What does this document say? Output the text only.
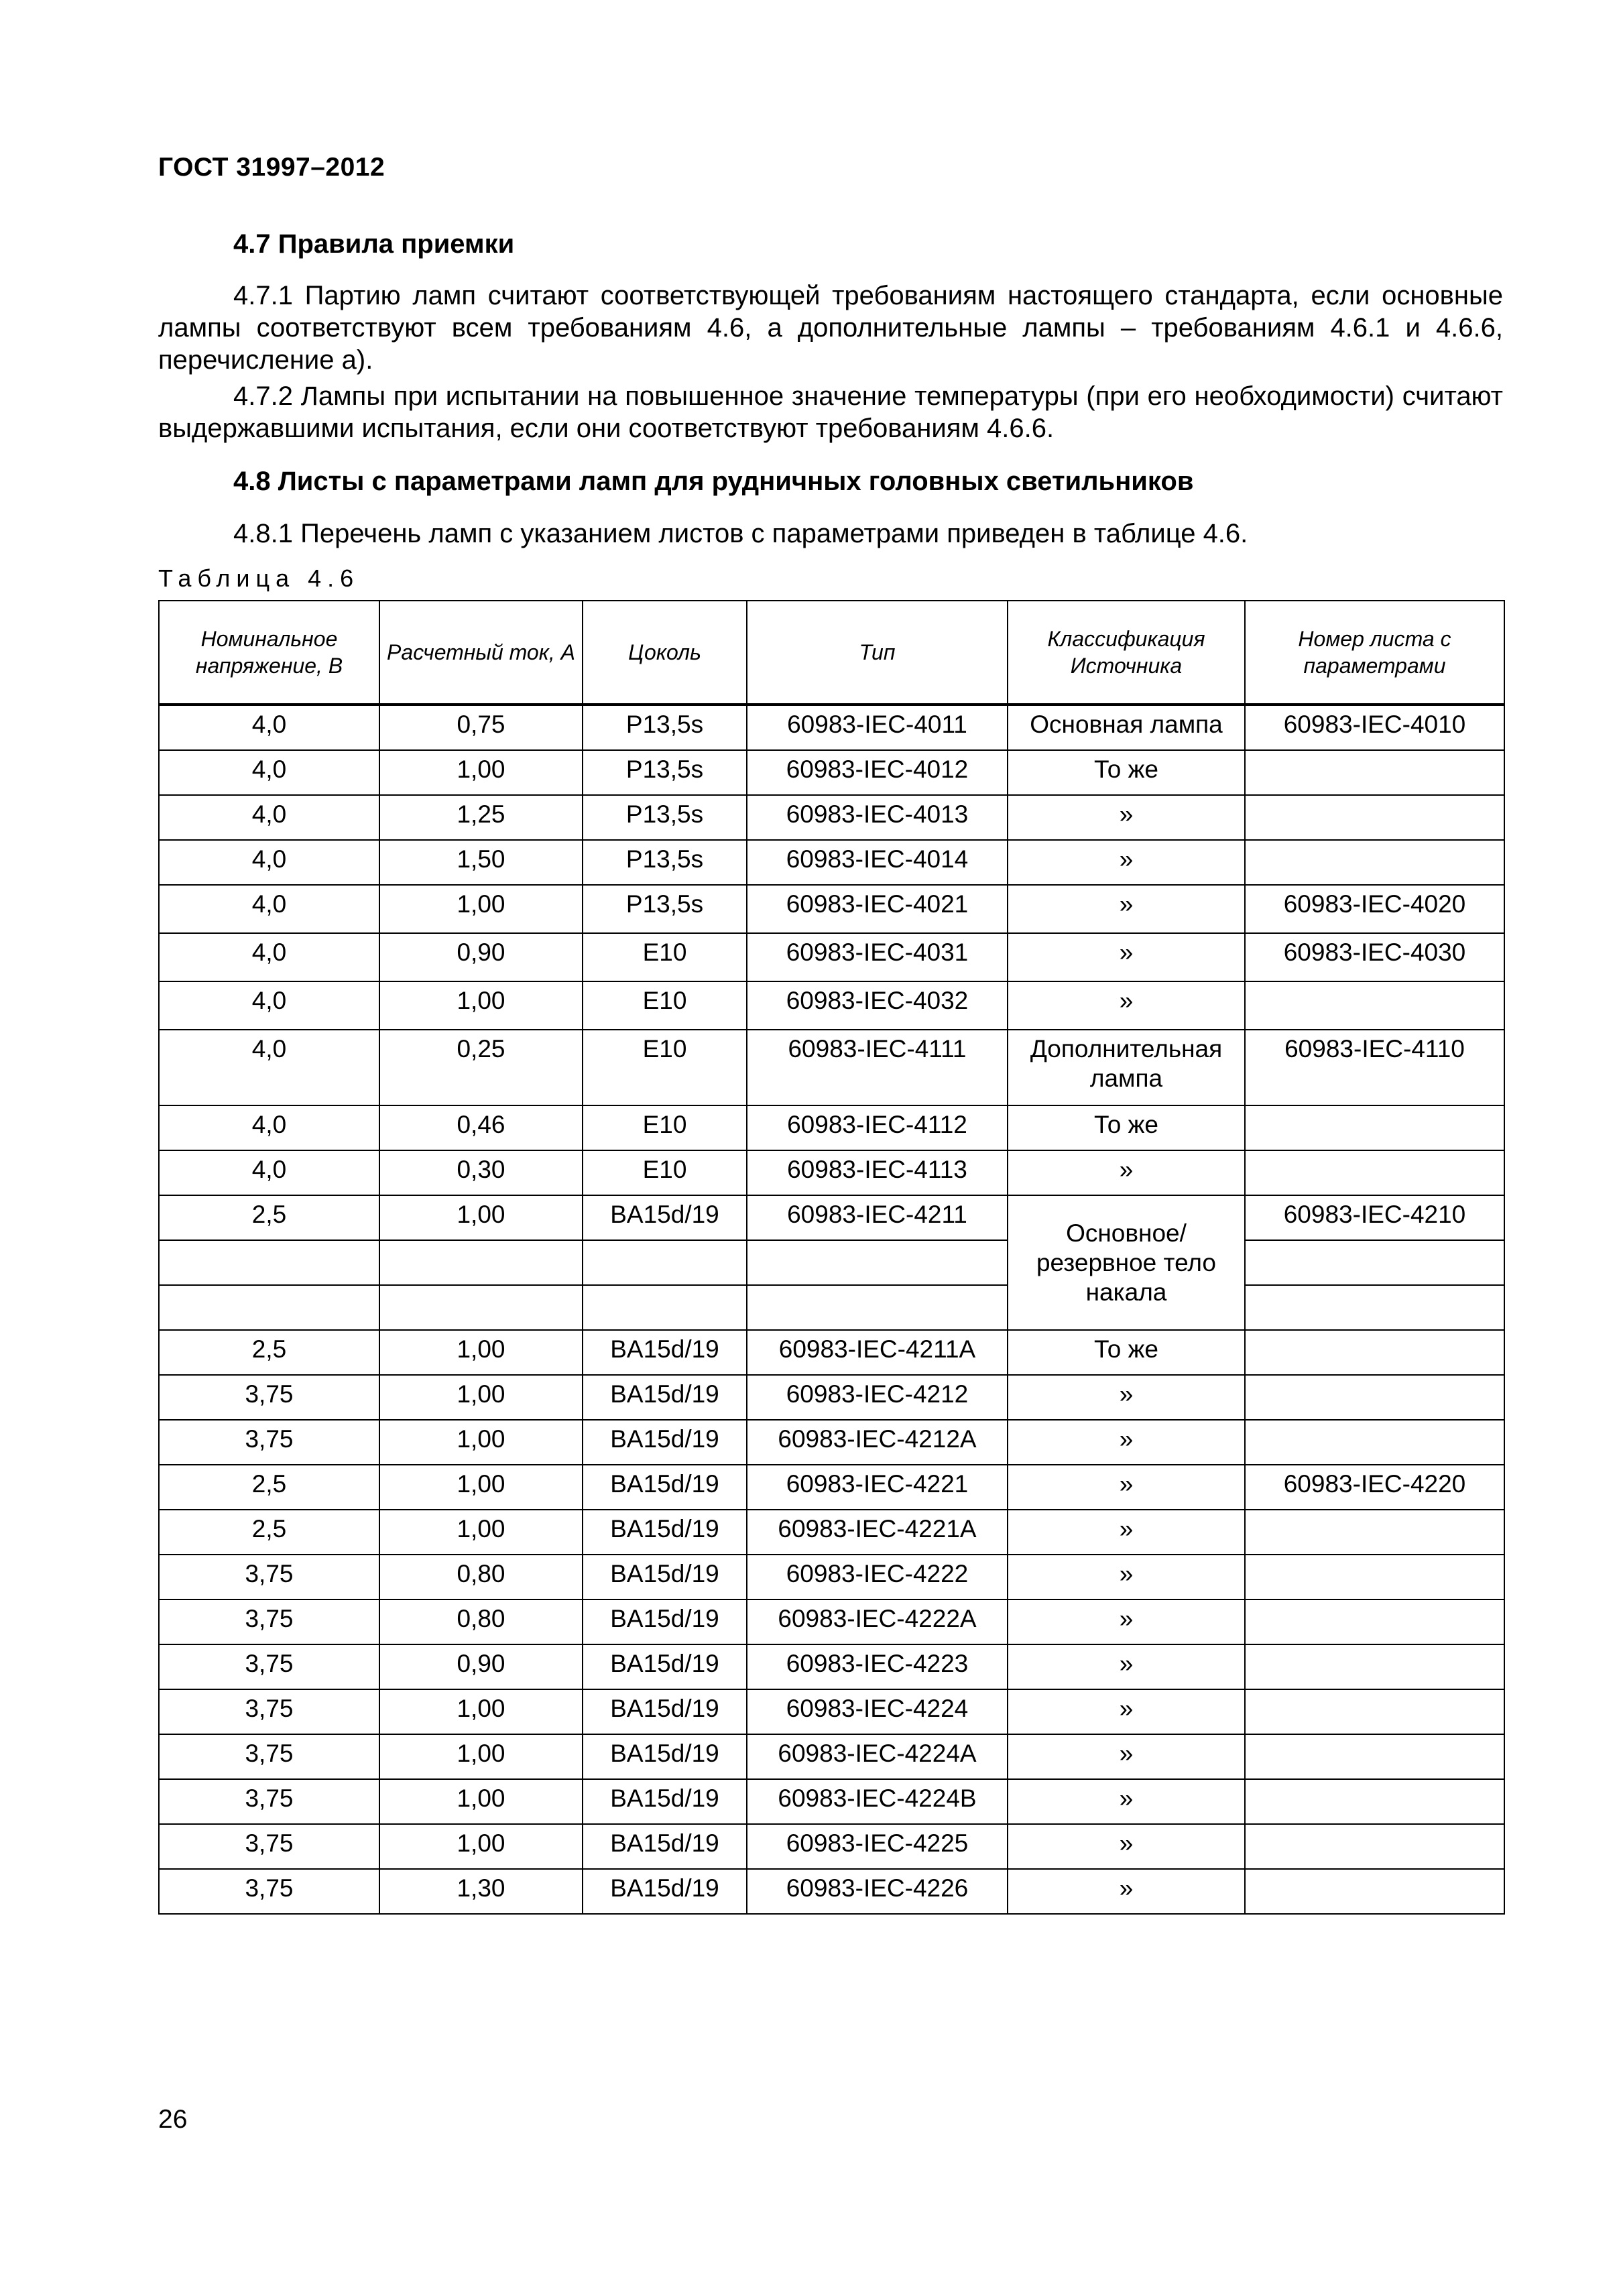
ГОСТ 31997–2012
4.7 Правила приемки
4.7.1 Партию ламп считают соответствующей требованиям настоящего стандарта, если основные лампы соответствуют всем требованиям 4.6, а дополнительные лампы – требованиям 4.6.1 и 4.6.6, перечисление а).
4.7.2 Лампы при испытании на повышенное значение температуры (при его необходимости) считают выдержавшими испытания, если они соответствуют требованиям 4.6.6.
4.8 Листы с параметрами ламп для рудничных головных светильников
4.8.1 Перечень ламп с указанием листов с параметрами приведен в таблице 4.6.
Таблица 4.6
Номинальное напряжение, В	Расчетный ток, А	Цоколь	Тип	Классификация Источника	Номер листа с параметрами
4,0	0,75	P13,5s	60983-IEC-4011	Основная лампа	60983-IEC-4010
4,0	1,00	P13,5s	60983-IEC-4012	То же	
4,0	1,25	P13,5s	60983-IEC-4013	»	
4,0	1,50	P13,5s	60983-IEC-4014	»	
4,0	1,00	P13,5s	60983-IEC-4021	»	60983-IEC-4020
4,0	0,90	E10	60983-IEC-4031	»	60983-IEC-4030
4,0	1,00	E10	60983-IEC-4032	»	
4,0	0,25	E10	60983-IEC-4111	Дополнительная лампа	60983-IEC-4110
4,0	0,46	E10	60983-IEC-4112	То же	
4,0	0,30	E10	60983-IEC-4113	»	
2,5	1,00	BA15d/19	60983-IEC-4211	Основное/ резервное тело накала	60983-IEC-4210

2,5	1,00	BA15d/19	60983-IEC-4211A	То же	
3,75	1,00	BA15d/19	60983-IEC-4212	»	
3,75	1,00	BA15d/19	60983-IEC-4212A	»	
2,5	1,00	BA15d/19	60983-IEC-4221	»	60983-IEC-4220
2,5	1,00	BA15d/19	60983-IEC-4221A	»	
3,75	0,80	BA15d/19	60983-IEC-4222	»	
3,75	0,80	BA15d/19	60983-IEC-4222A	»	
3,75	0,90	BA15d/19	60983-IEC-4223	»	
3,75	1,00	BA15d/19	60983-IEC-4224	»	
3,75	1,00	BA15d/19	60983-IEC-4224A	»	
3,75	1,00	BA15d/19	60983-IEC-4224B	»	
3,75	1,00	BA15d/19	60983-IEC-4225	»	
3,75	1,30	BA15d/19	60983-IEC-4226	»	
26
